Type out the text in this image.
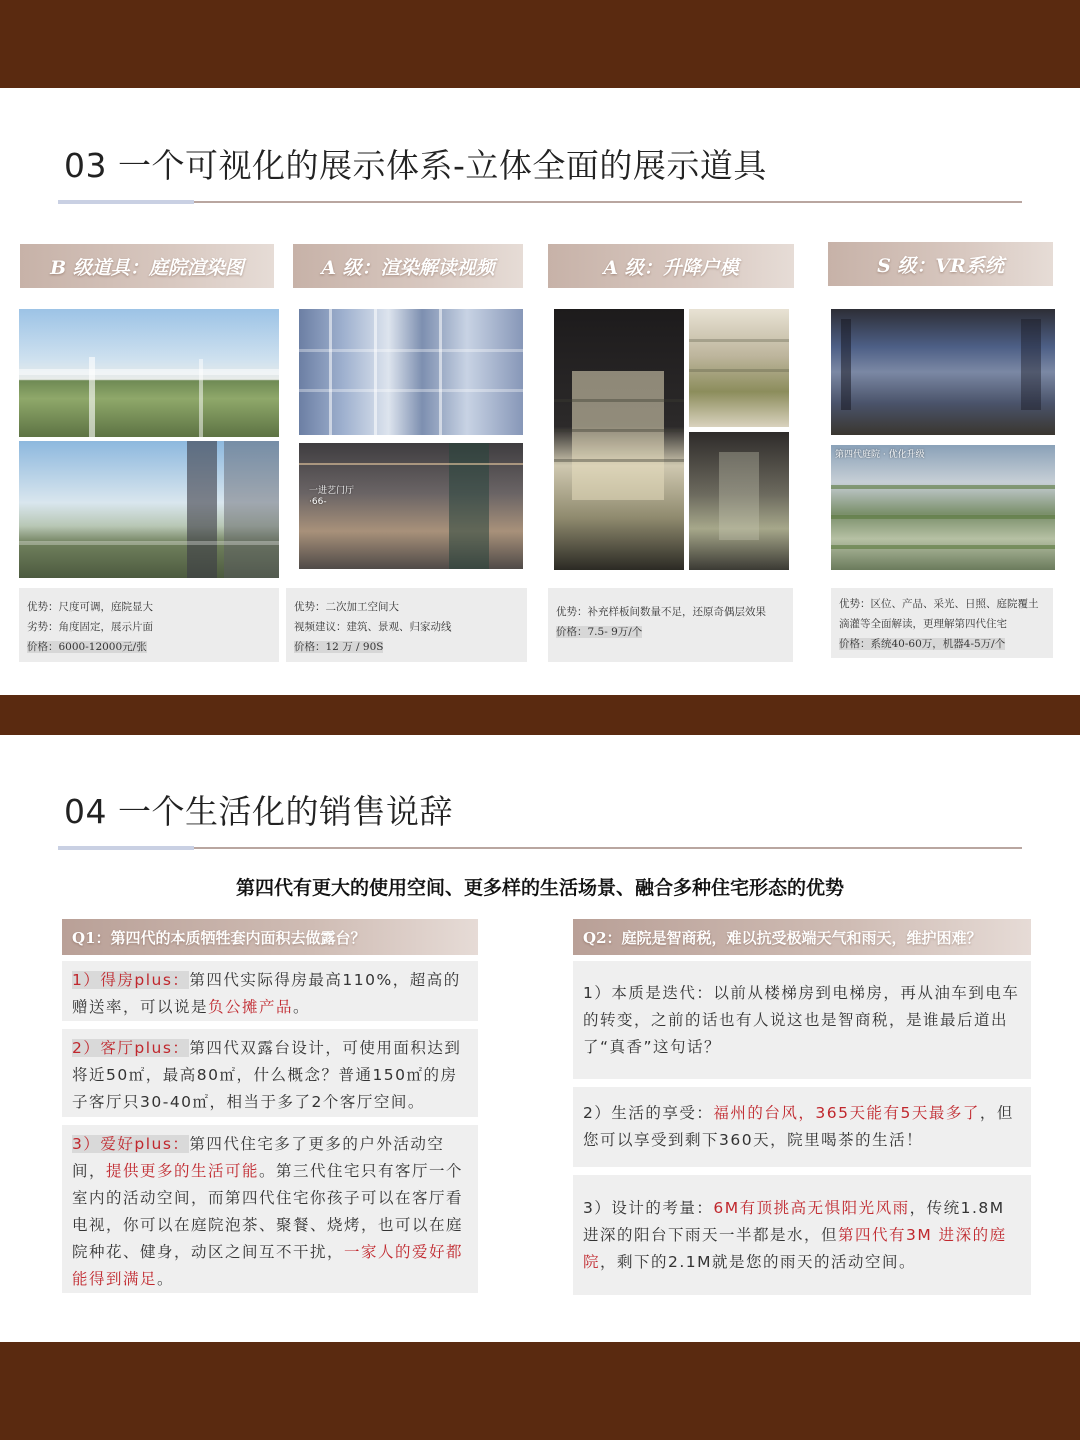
03 一个可视化的展示体系-立体全面的展示道具
B 级道具：庭院渲染图
优势：尺度可调，庭院显大
劣势：角度固定，展示片面
价格：6000-12000元/张
A 级：渲染解读视频
一进艺门厅
·66-
优势：二次加工空间大
视频建议：建筑、景观、归家动线
价格：12 万 / 90S
A 级：升降户模
优势：补充样板间数量不足，还原奇偶层效果
价格：7.5- 9万/个
S 级：VR系统
第四代庭院 · 优化升级
优势：区位、产品、采光、日照、庭院覆土滴灌等全面解读，更理解第四代住宅
价格：系统40-60万，机器4-5万/个
04 一个生活化的销售说辞
第四代有更大的使用空间、更多样的生活场景、融合多种住宅形态的优势
Q1：第四代的本质牺牲套内面积去做露台？
1）得房plus：第四代实际得房最高110%，超高的赠送率，可以说是负公摊产品。
2）客厅plus：第四代双露台设计，可使用面积达到将近50㎡，最高80㎡，什么概念？普通150㎡的房子客厅只30-40㎡，相当于多了2个客厅空间。
3）爱好plus：第四代住宅多了更多的户外活动空间，提供更多的生活可能。第三代住宅只有客厅一个室内的活动空间，而第四代住宅你孩子可以在客厅看电视，你可以在庭院泡茶、聚餐、烧烤，也可以在庭院种花、健身，动区之间互不干扰，一家人的爱好都能得到满足。
Q2：庭院是智商税，难以抗受极端天气和雨天，维护困难？
1）本质是迭代：以前从楼梯房到电梯房，再从油车到电车的转变，之前的话也有人说这也是智商税，是谁最后道出了“真香”这句话？
2）生活的享受：福州的台风，365天能有5天最多了，但您可以享受到剩下360天，院里喝茶的生活！
3）设计的考量：6M有顶挑高无惧阳光风雨，传统1.8M进深的阳台下雨天一半都是水，但第四代有3M 进深的庭院，剩下的2.1M就是您的雨天的活动空间。
